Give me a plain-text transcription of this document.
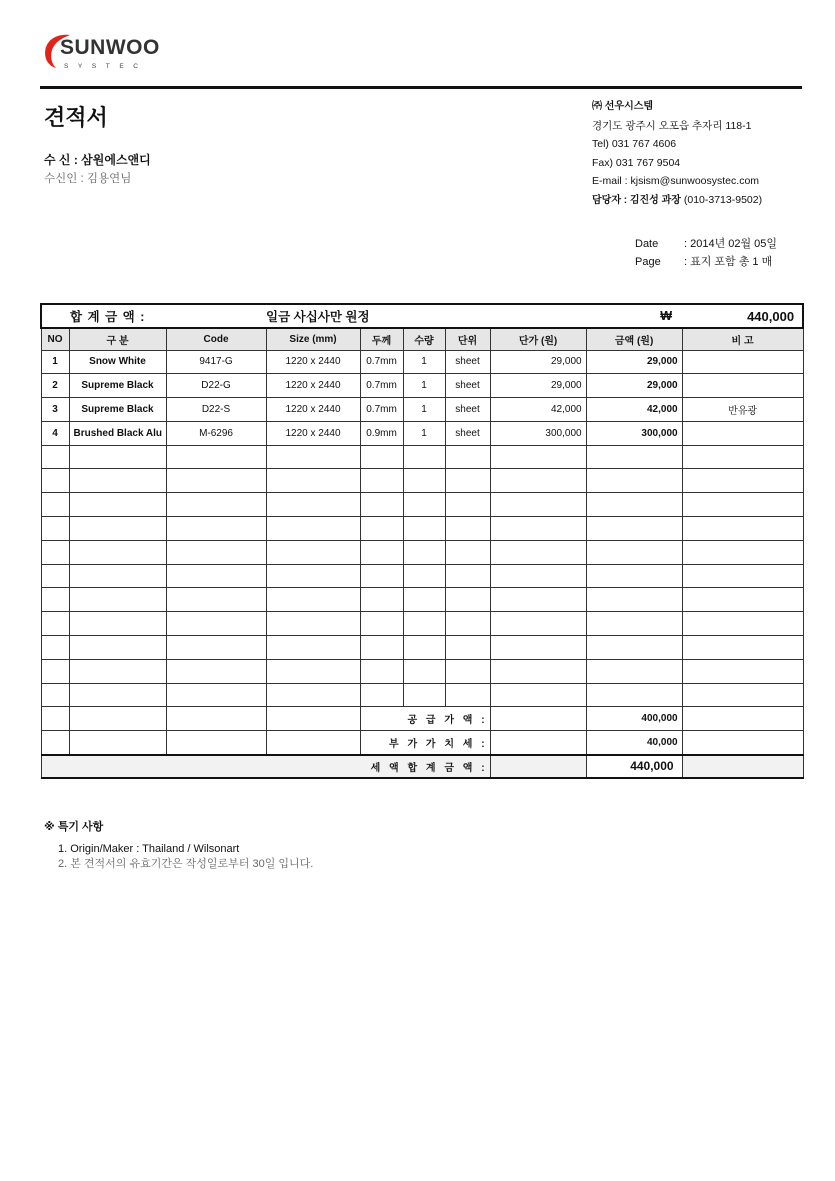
SUNWOO
SYSTEC
견적서
수 신 : 삼원에스앤디
수신인 : 김용연님
㈜ 선우시스템
경기도 광주시 오포읍 추자리 118-1
Tel) 031 767 4606
Fax) 031 767 9504
E-mail : kjsism@sunwoosystec.com
담당자 : 김진성 과장 (010-3713-9502)
Date	: 2014년 02월 05일
Page	: 표지 포함 총 1 매
합 계 금 액 :			일금 사십사만 원정					₩	440,000
NO	구 분	Code	Size (mm)	두께	수량	단위	단가 (원)	금액 (원)	비 고
1	Snow White	9417-G	1220 x 2440	0.7mm	1	sheet	29,000	29,000	
2	Supreme Black	D22-G	1220 x 2440	0.7mm	1	sheet	29,000	29,000	
3	Supreme Black	D22-S	1220 x 2440	0.7mm	1	sheet	42,000	42,000	반유광
4	Brushed Black Alu	M-6296	1220 x 2440	0.9mm	1	sheet	300,000	300,000	

				공 급 가 액 :				400,000	
				부 가 가 치 세 :				40,000	
세 액 합 계 금 액 :								440,000	
※ 특기 사항
1. Origin/Maker : Thailand / Wilsonart
2. 본 견적서의 유효기간은 작성일로부터 30일 입니다.
